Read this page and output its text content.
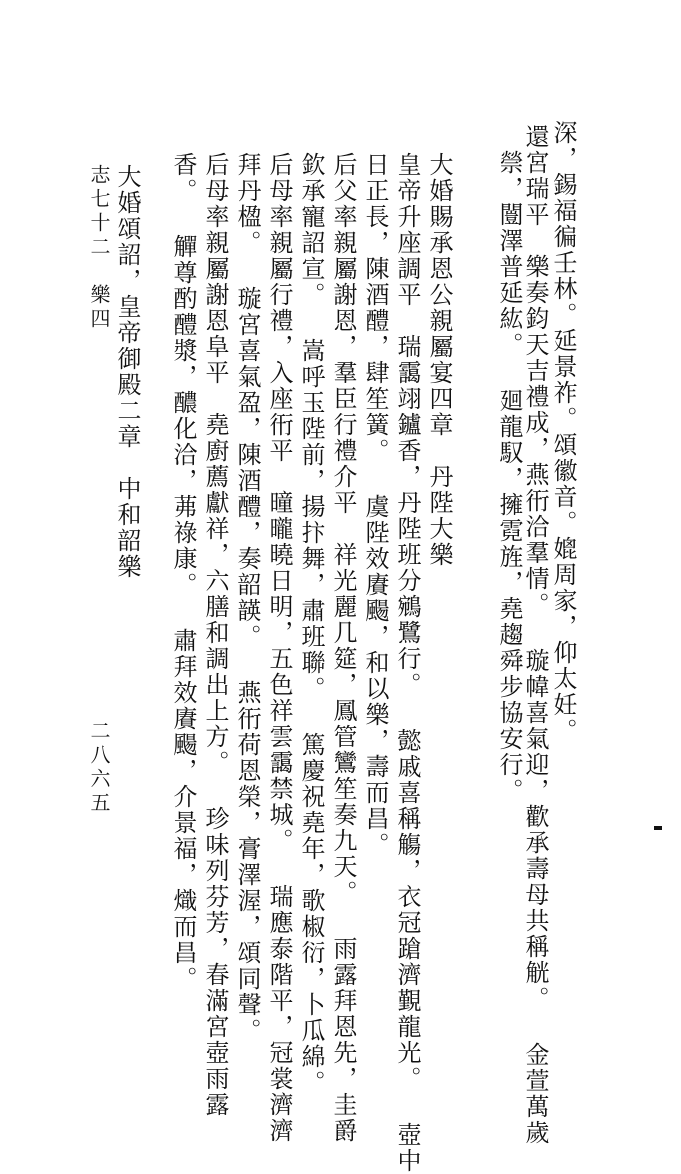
深，錫福徧壬林。延景祚。頌徽音。媲周家，仰太妊。
禜，闓澤普延紘。 廻龍馭，擁霓旌，堯趨舜步協安行。
還宮瑞平　樂奏鈞天吉禮成，燕衎洽羣情。 璇幃喜氣迎，歡承壽母共稱觥。 金萱萬歲
大婚賜承恩公親屬宴四章　丹陛大樂
皇帝升座調平　瑞靄翊鑪香，丹陛班分鵷鷺行。 懿戚喜稱觴，衣冠蹌濟覲龍光。 壺中
日正長，陳酒醴，肆笙簧。 虞陛效賡颺，和以樂，壽而昌。
后父率親屬謝恩，羣臣行禮介平　祥光麗几筵，鳳管鸞笙奏九天。 雨露拜恩先，圭爵
欽承寵詔宣。 嵩呼玉陛前，揚抃舞，肅班聯。 篤慶祝堯年，歌椒衍，卜瓜綿。
后母率親屬行禮，入座衎平　曈曨曉日明，五色祥雲靄禁城。 瑞應泰階平，冠裳濟濟
拜丹楹。 璇宮喜氣盈，陳酒醴，奏韶韺。 燕衎荷恩榮，膏澤渥，頌同聲。
后母率親屬謝恩阜平　堯廚薦獻祥，六膳和調出上方。 珍味列芬芳，春滿宮壺雨露
香。 觶尊酌醴漿，醲化洽，茀祿康。 肅拜效賡颺，介景福，熾而昌。
大婚頌詔，皇帝御殿二章　中和韶樂
志七十二　樂四
二八六五
